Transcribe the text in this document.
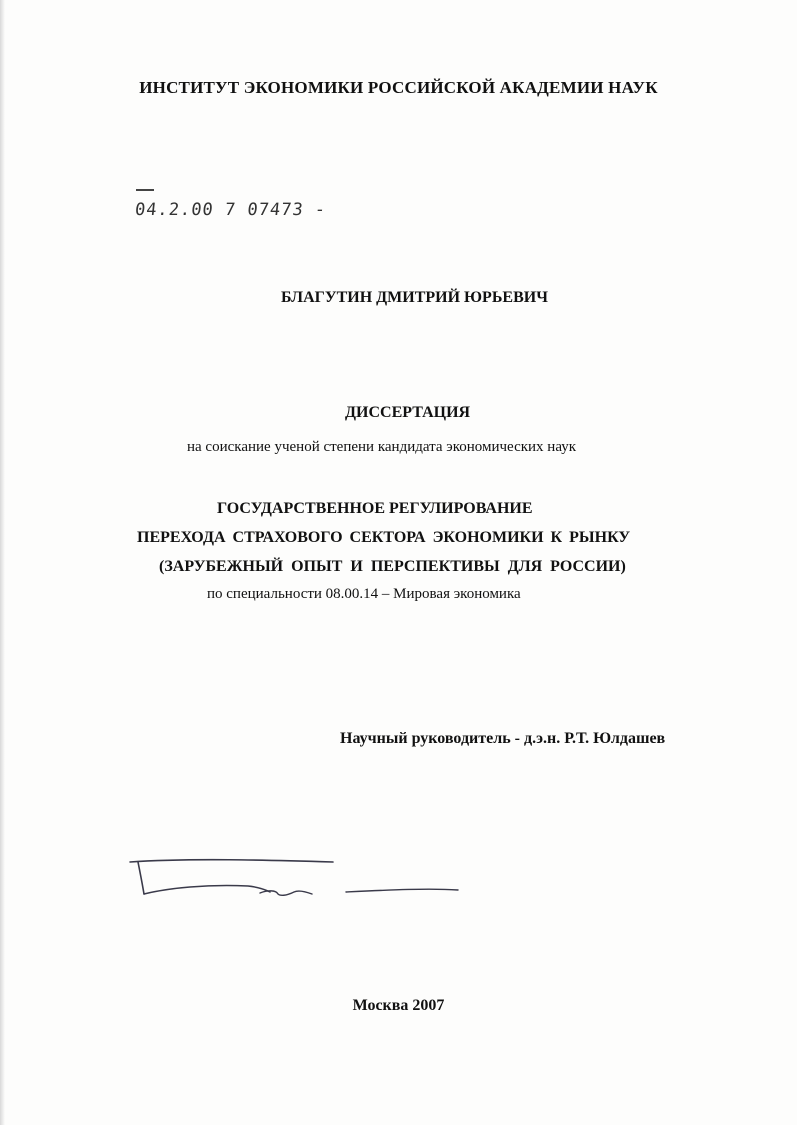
ИНСТИТУТ ЭКОНОМИКИ РОССИЙСКОЙ АКАДЕМИИ НАУК
04.2.00 7 07473 -
БЛАГУТИН ДМИТРИЙ ЮРЬЕВИЧ
ДИССЕРТАЦИЯ
на соискание ученой степени кандидата экономических наук
ГОСУДАРСТВЕННОЕ РЕГУЛИРОВАНИЕ
ПЕРЕХОДА СТРАХОВОГО СЕКТОРА ЭКОНОМИКИ К РЫНКУ
(ЗАРУБЕЖНЫЙ ОПЫТ И ПЕРСПЕКТИВЫ ДЛЯ РОССИИ)
по специальности 08.00.14 – Мировая экономика
Научный руководитель - д.э.н. Р.Т. Юлдашев
Москва 2007
